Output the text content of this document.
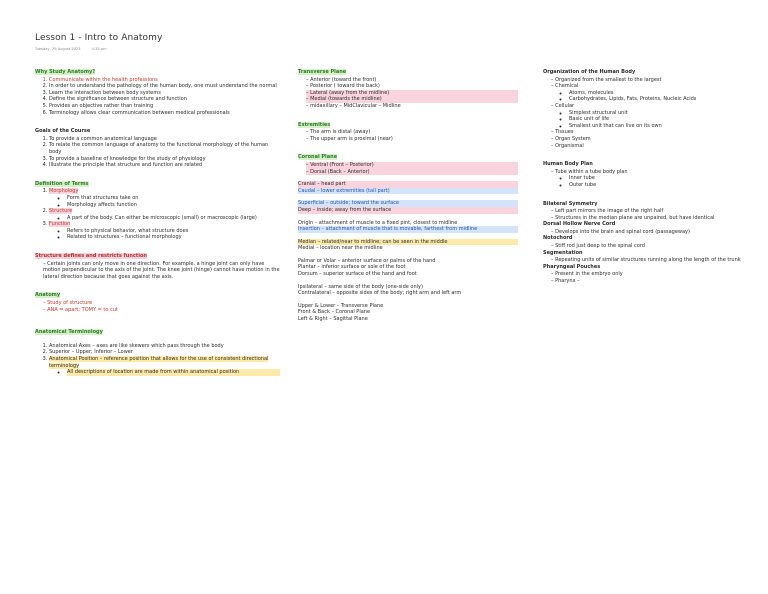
Lesson 1 - Intro to Anatomy
Tuesday, 29 August 2023	4:33 pm
Why Study Anatomy?
1. Communicate within the health professions
2. In order to understand the pathology of the human body, one must understand the normal
3. Learn the interaction between body systems
4. Define the significance between structure and function
5. Provides an objective rather than training
6. Terminology allows clear communication between medical professionals
Goals of the Course
1. To provide a common anatomical language
2. To relate the common language of anatomy to the functional morphology of the human body
3. To provide a baseline of knowledge for the study of physiology
4. Illustrate the principle that structure and function are related
Definition of Terms
1. Morphology
◦ Form that structures take on
◦ Morphology affects function
2. Structure
◦ A part of the body. Can either be microscopic (small) or macroscopic (large)
3. Function
◦ Refers to physical behavior, what structure does
◦ Related to structures – functional morphology
Structure defines and restricts function
– Certain joints can only move in one direction. For example, a hinge joint can only have motion perpendicular to the axis of the joint. The knee joint (hinge) cannot have motion in the lateral direction because that goes against the axis.
Anatomy
– Study of structure
– ANA = apart; TOMY = to cut
Anatomical Terminology
1. Anatomical Axes – axes are like skewers which pass through the body
2. Superior – Upper; Inferior – Lower
3. Anatomical Position – reference position that allows for the use of consistent directional terminology
◦ All descriptions of location are made from within anatomical position
Transverse Plane
– Anterior (toward the front)
– Posterior ( toward the back)
– Lateral (away from the midline)
– Medial (towards the midline)
– midaxillary – MidClavicular – Midline
Extremities
– The arm is distal (away)
– The upper arm is proximal (near)
Coronal Plane
– Ventral (Front – Posterior)
– Dorsal (Back – Anterior)
Cranial – head part
Caudal – lower extremities (tail part)
Superficial – outside; toward the surface
Deep – inside; away from the surface
Origin – attachment of muscle to a fixed pint, closest to midline
Insertion – attachment of muscle that is movable, farthest from midline
Median – related/near to midline; can be seen in the middle
Medial – location near the midline
Palmar or Volar – anterior surface or palms of the hand
Plantar – inferior surface or sole of the foot
Dorsum – superior surface of the hand and foot
Ipsilateral – same side of the body (one-side only)
Contralateral – opposite sides of the body; right arm and left arm
Upper & Lower – Transverse Plane
Front & Back – Coronal Plane
Left & Right – Sagittal Plane
Organization of the Human Body
– Organized from the smallest to the largest
– Chemical
◦ Atoms, molecules
◦ Carbohydrates, Lipids, Fats, Proteins, Nucleic Acids
– Cellular
◦ Simplest structural unit
◦ Basic unit of life
◦ Smallest unit that can live on its own
– Tissues
– Organ System
– Organismal
Human Body Plan
– Tube within a tube body plan
◦ Inner tube
◦ Outer tube
Bilateral Symmetry
– Left part mirrors the image of the right half
– Structures in the median plane are unpaired, but have identical
Dorsal Hollow Nerve Cord
– Develops into the brain and spinal cord (passageway)
Notochord
– Stiff rod just deep to the spinal cord
Segmentation
– Repeating units of similar structures running along the length of the trunk
Pharyngeal Pouches
– Present in the embryo only
– Pharynx –
